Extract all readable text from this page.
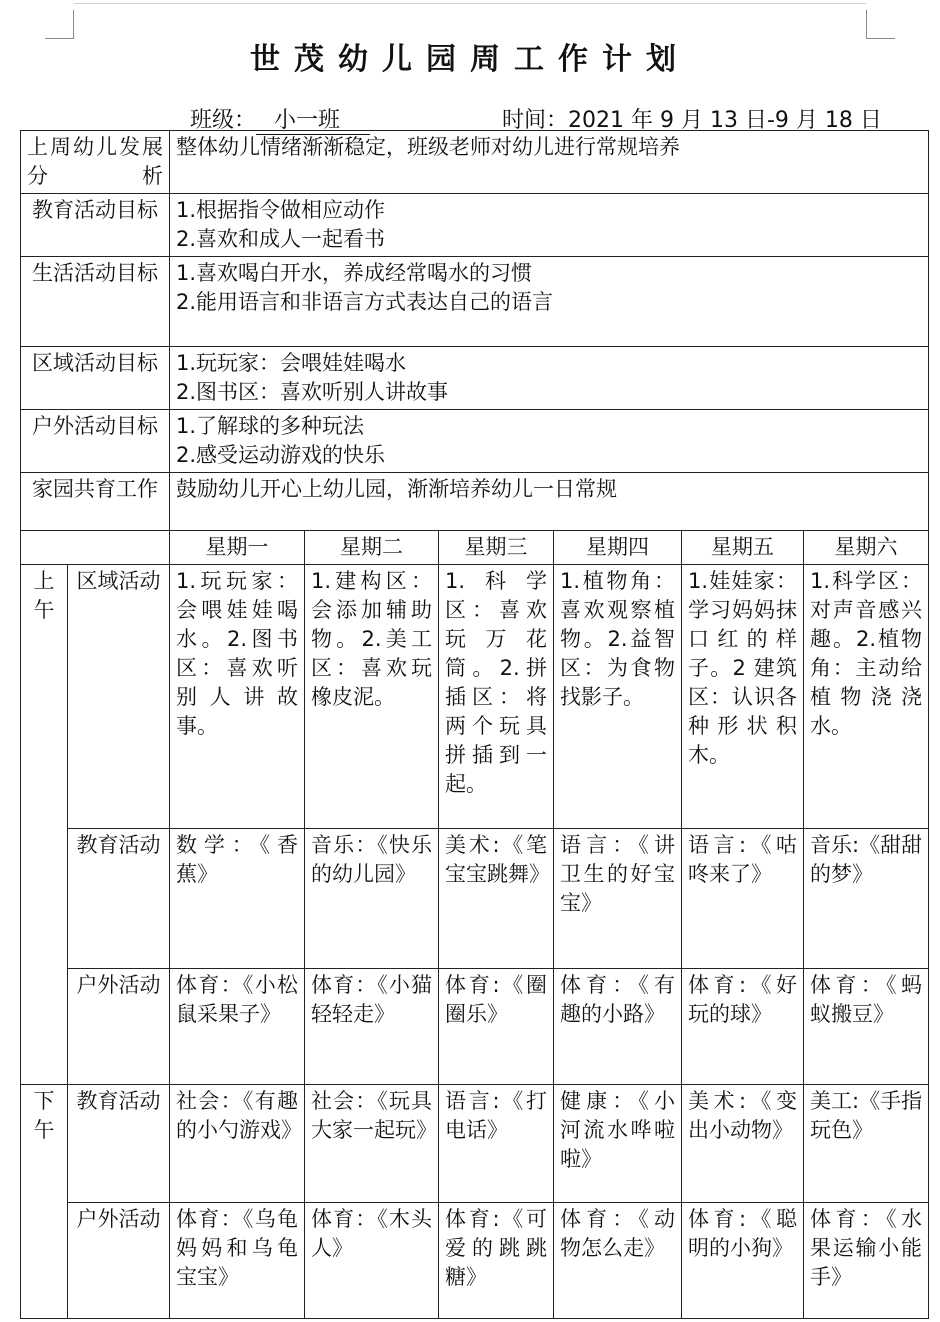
世茂幼儿园周工作计划
班级： 小一班	时间：2021 年 9 月 13 日-9 月 18 日
上周幼儿发展分析		整体幼儿情绪渐渐稳定，班级老师对幼儿进行常规培养					

教育活动目标		1.根据指令做相应动作
2.喜欢和成人一起看书					

生活活动目标		1.喜欢喝白开水，养成经常喝水的习惯
2.能用语言和非语言方式表达自己的语言					

区域活动目标		1.玩玩家：会喂娃娃喝水
2.图书区：喜欢听别人讲故事					

户外活动目标		1.了解球的多种玩法
2.感受运动游戏的快乐					

家园共育工作		鼓励幼儿开心上幼儿园，渐渐培养幼儿一日常规					

		星期一	星期二	星期三	星期四	星期五	星期六
上午	区域活动	1.玩玩家：会喂娃娃喝水。2.图书区：喜欢听别人讲故事。	1.建构区：会添加辅助物。2.美工区：喜欢玩橡皮泥。	1.科学区：喜欢玩万花筒。2.拼插区：将两个玩具拼插到一起。	1.植物角：喜欢观察植物。2.益智区：为食物找影子。	1.娃娃家：学习妈妈抹口红的样子。2 建筑区：认识各种形状积木。	1.科学区：对声音感兴趣。2.植物角：主动给植物浇浇水。
	教育活动	数学：《香蕉》	音乐：《快乐的幼儿园》	美术:《笔宝宝跳舞》	语言：《讲卫生的好宝宝》	语言:《咕咚来了》	音乐:《甜甜的梦》
	户外活动	体育：《小松鼠采果子》	体育：《小猫轻轻走》	体育:《圈圈乐》	体育：《有趣的小路》	体育:《好玩的球》	体育：《蚂蚁搬豆》
下午	教育活动	社会：《有趣的小勺游戏》	社会：《玩具大家一起玩》	语言:《打电话》	健康：《小河流水哗啦啦》	美术:《变出小动物》	美工:《手指玩色》
	户外活动	体育：《乌龟妈妈和乌龟宝宝》	体育：《木头人》	体育:《可爱的跳跳糖》	体育：《动物怎么走》	体育:《聪明的小狗》	体育：《水果运输小能手》
